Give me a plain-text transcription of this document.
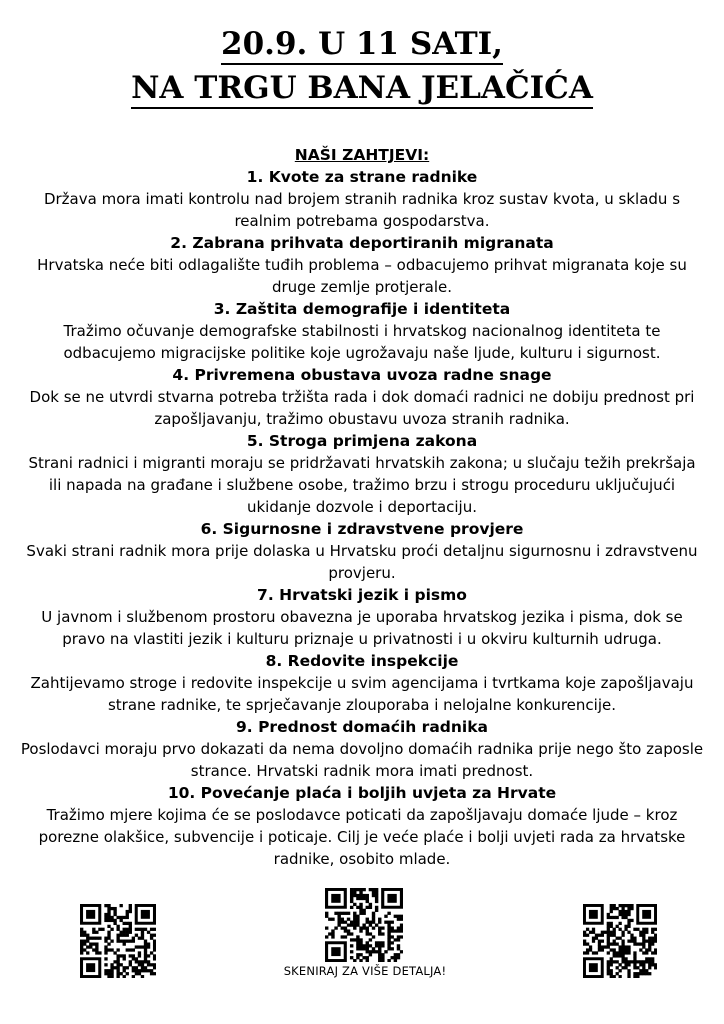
20.9. U 11 SATI,
NA TRGU BANA JELAČIĆA
NAŠI ZAHTJEVI:
1. Kvote za strane radnike
Država mora imati kontrolu nad brojem stranih radnika kroz sustav kvota, u skladu s realnim potrebama gospodarstva.
2. Zabrana prihvata deportiranih migranata
Hrvatska neće biti odlagalište tuđih problema – odbacujemo prihvat migranata koje su druge zemlje protjerale.
3. Zaštita demografije i identiteta
Tražimo očuvanje demografske stabilnosti i hrvatskog nacionalnog identiteta te odbacujemo migracijske politike koje ugrožavaju naše ljude, kulturu i sigurnost.
4. Privremena obustava uvoza radne snage
Dok se ne utvrdi stvarna potreba tržišta rada i dok domaći radnici ne dobiju prednost pri zapošljavanju, tražimo obustavu uvoza stranih radnika.
5. Stroga primjena zakona
Strani radnici i migranti moraju se pridržavati hrvatskih zakona; u slučaju težih prekršaja ili napada na građane i službene osobe, tražimo brzu i strogu proceduru uključujući ukidanje dozvole i deportaciju.
6. Sigurnosne i zdravstvene provjere
Svaki strani radnik mora prije dolaska u Hrvatsku proći detaljnu sigurnosnu i zdravstvenu provjeru.
7. Hrvatski jezik i pismo
U javnom i službenom prostoru obavezna je uporaba hrvatskog jezika i pisma, dok se pravo na vlastiti jezik i kulturu priznaje u privatnosti i u okviru kulturnih udruga.
8. Redovite inspekcije
Zahtijevamo stroge i redovite inspekcije u svim agencijama i tvrtkama koje zapošljavaju strane radnike, te sprječavanje zlouporaba i nelojalne konkurencije.
9. Prednost domaćih radnika
Poslodavci moraju prvo dokazati da nema dovoljno domaćih radnika prije nego što zaposle strance. Hrvatski radnik mora imati prednost.
10. Povećanje plaća i boljih uvjeta za Hrvate
Tražimo mjere kojima će se poslodavce poticati da zapošljavaju domaće ljude – kroz porezne olakšice, subvencije i poticaje. Cilj je veće plaće i bolji uvjeti rada za hrvatske radnike, osobito mlade.
SKENIRAJ ZA VIŠE DETALJA!
